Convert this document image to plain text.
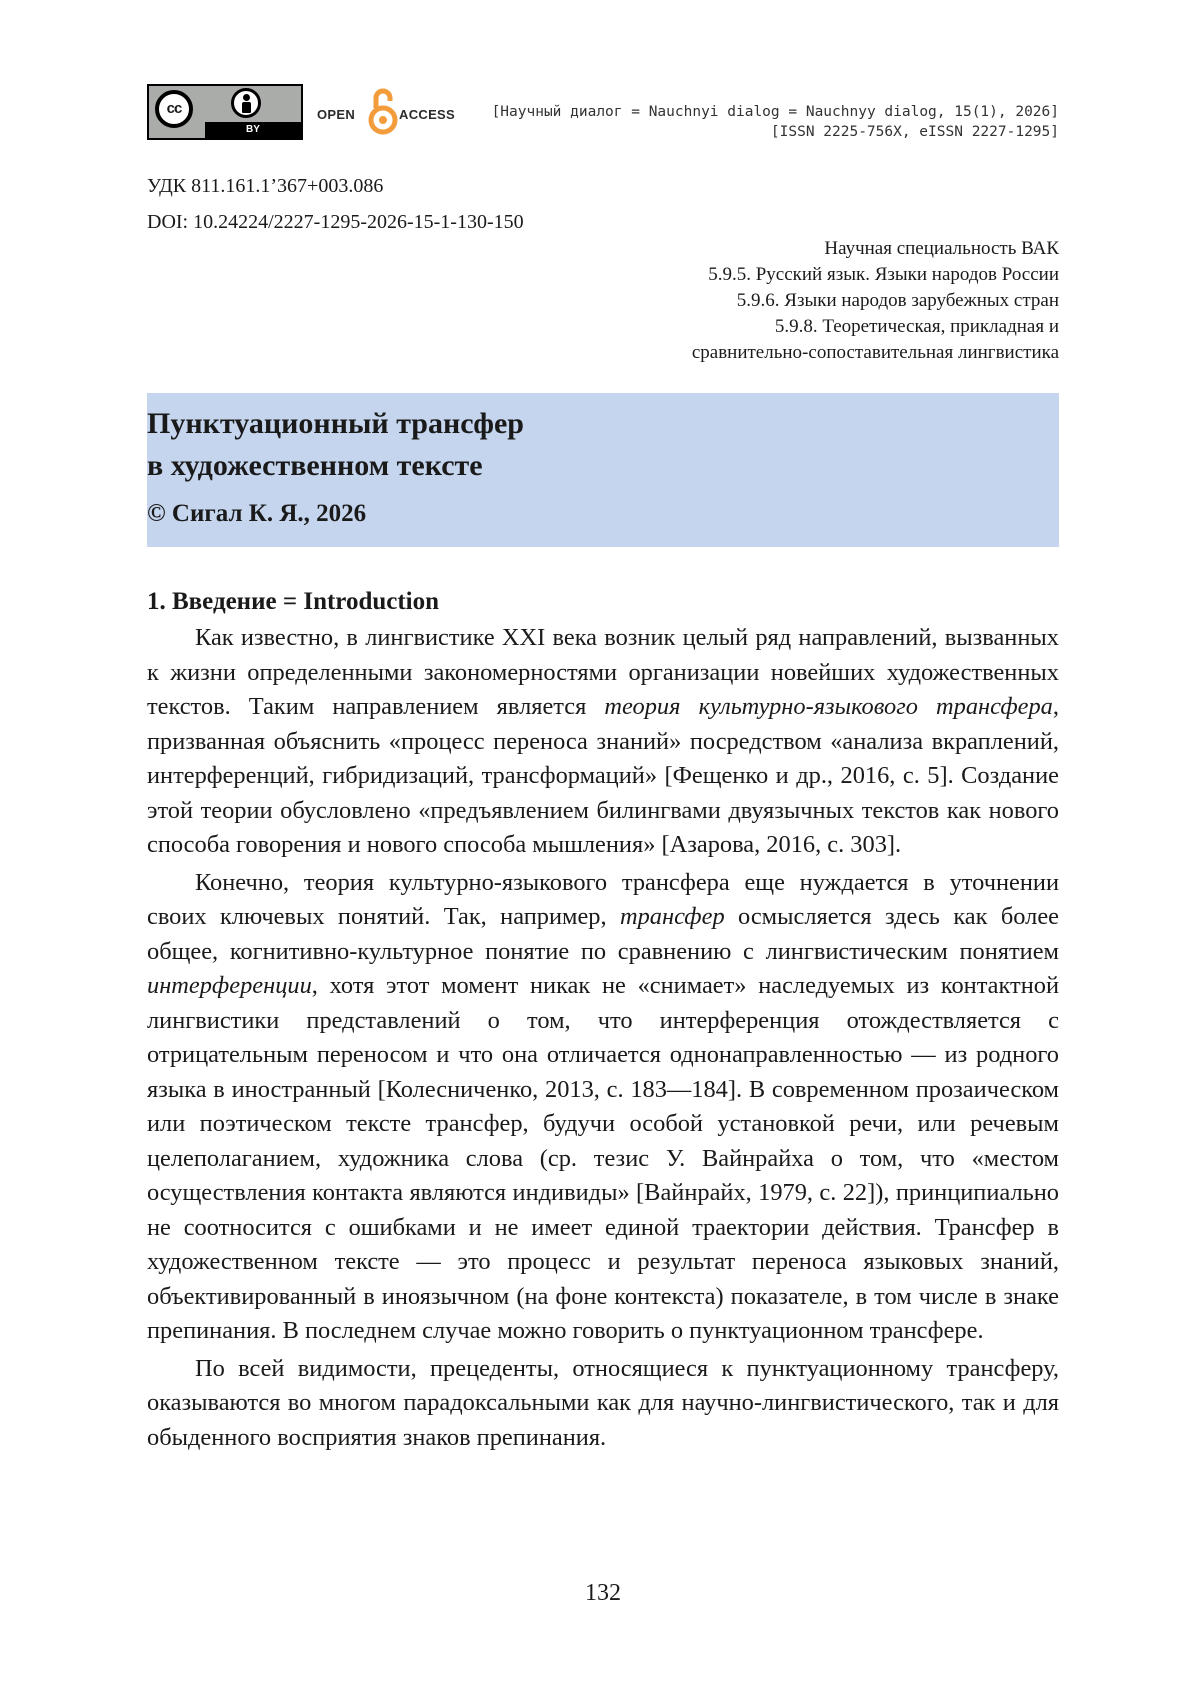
cc
BY
OPEN	ACCESS	[Научный диалог = Nauchnyi dialog = Nauchnyy dialog, 15(1), 2026]
[ISSN 2225-756X, eISSN 2227-1295]
УДК 811.161.1’367+003.086
DOI: 10.24224/2227-1295-2026-15-1-130-150
Научная специальность ВАК
5.9.5. Русский язык. Языки народов России
5.9.6. Языки народов зарубежных стран
5.9.8. Теоретическая, прикладная и
сравнительно-сопоставительная лингвистика
Пунктуационный трансфер
в художественном тексте
© Сигал К. Я., 2026
1. Введение = Introduction

Как известно, в лингвистике XXI века возник целый ряд направлений, вызванных к жизни определенными закономерностями организации новейших художественных текстов. Таким направлением является теория культурно-языкового трансфера, призванная объяснить «процесс переноса знаний» посредством «анализа вкраплений, интерференций, гибридизаций, трансформаций» [Фещенко и др., 2016, с. 5]. Создание этой теории обусловлено «предъявлением билингвами двуязычных текстов как нового способа говорения и нового способа мышления» [Азарова, 2016, с. 303].

Конечно, теория культурно-языкового трансфера еще нуждается в уточнении своих ключевых понятий. Так, например, трансфер осмысляется здесь как более общее, когнитивно-культурное понятие по сравнению с лингвистическим понятием интерференции, хотя этот момент никак не «снимает» наследуемых из контактной лингвистики представлений о том, что интерференция отождествляется с отрицательным переносом и что она отличается однонаправленностью — из родного языка в иностранный [Колесниченко, 2013, с. 183—184]. В современном прозаическом или поэтическом тексте трансфер, будучи особой установкой речи, или речевым целеполаганием, художника слова (ср. тезис У. Вайнрайха о том, что «местом осуществления контакта являются индивиды» [Вайнрайх, 1979, с. 22]), принципиально не соотносится с ошибками и не имеет единой траектории действия. Трансфер в художественном тексте — это процесс и результат переноса языковых знаний, объективированный в иноязычном (на фоне контекста) показателе, в том числе в знаке препинания. В последнем случае можно говорить о пунктуационном трансфере.

По всей видимости, прецеденты, относящиеся к пунктуационному трансферу, оказываются во многом парадоксальными как для научно-лингвистического, так и для обыденного восприятия знаков препинания.

132
